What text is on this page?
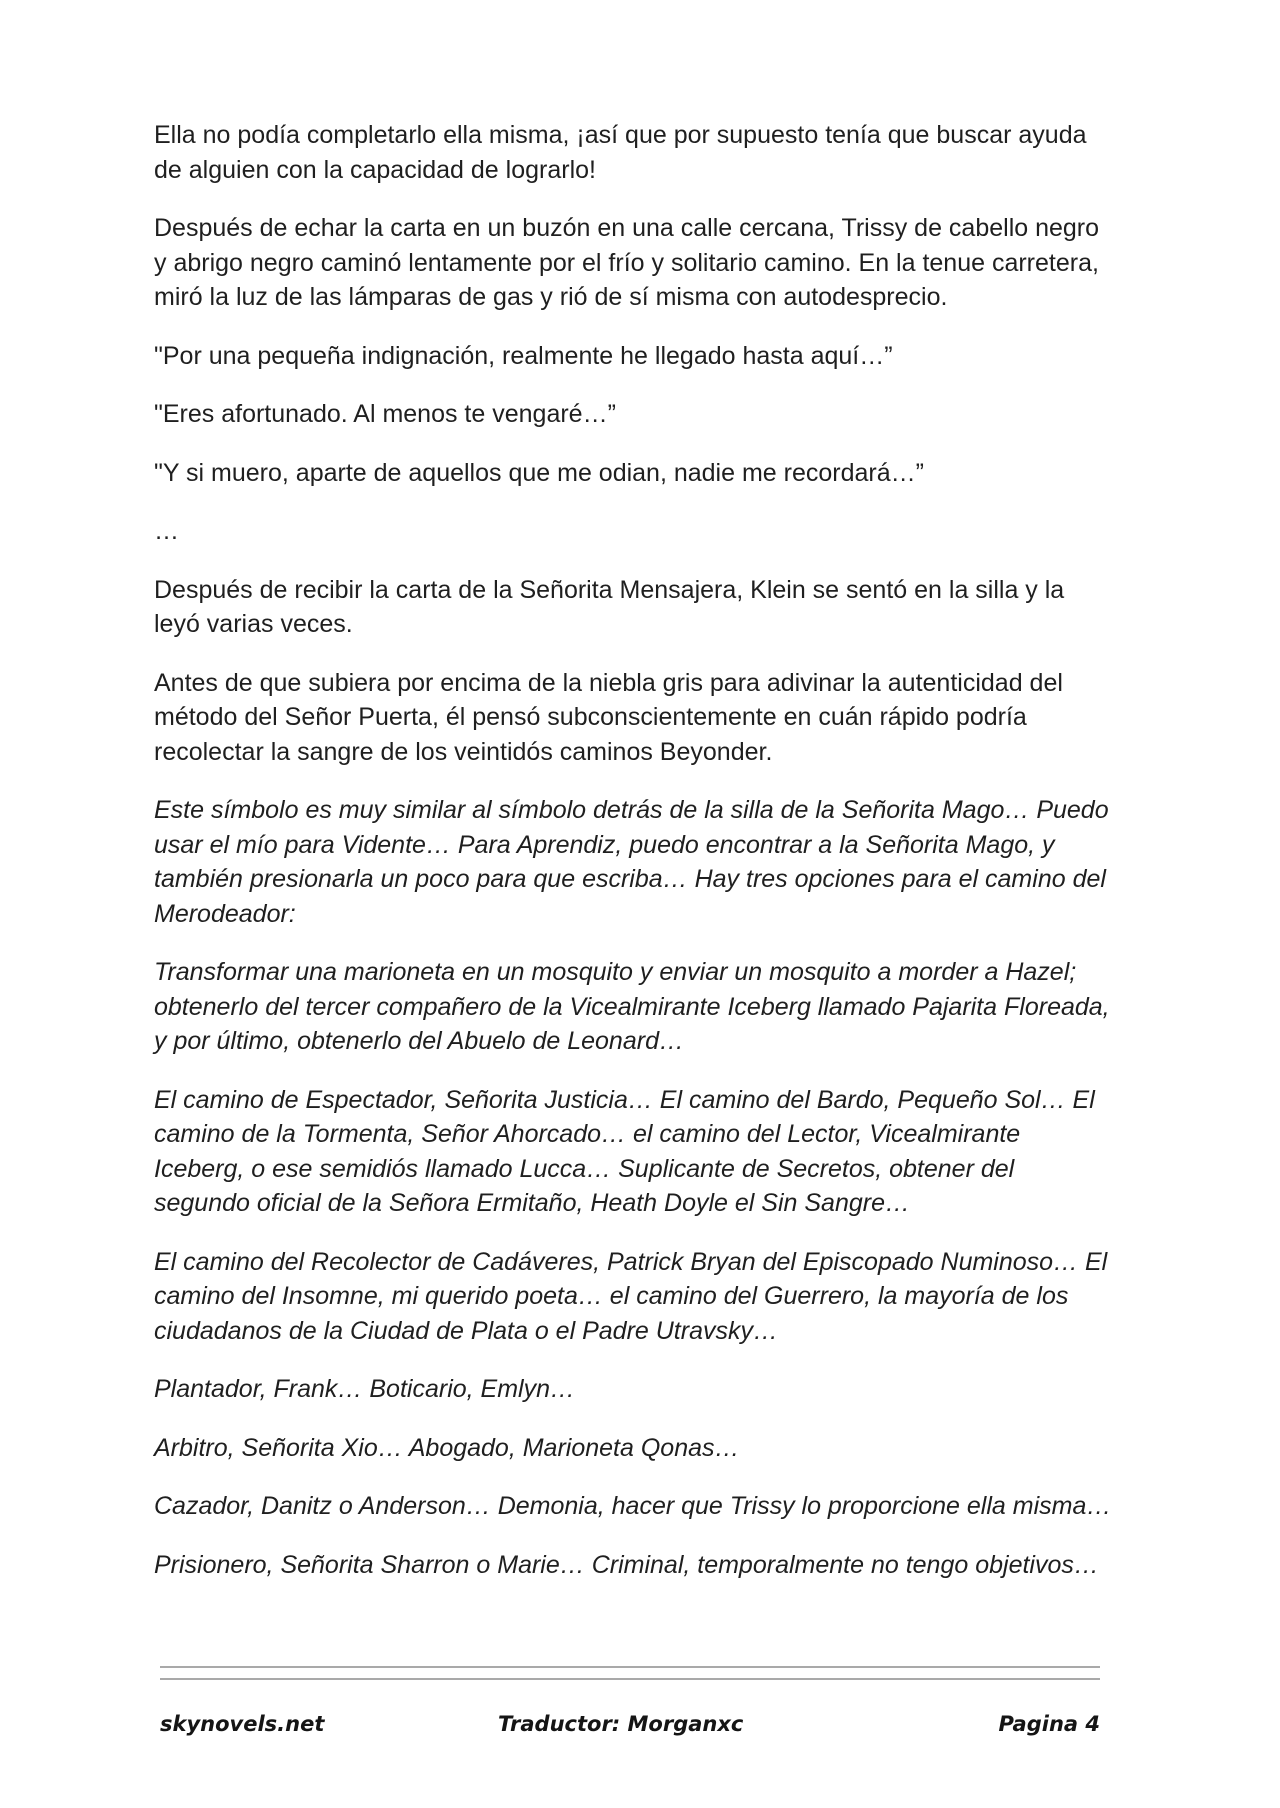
Ella no podía completarlo ella misma, ¡así que por supuesto tenía que buscar ayuda de alguien con la capacidad de lograrlo!

Después de echar la carta en un buzón en una calle cercana, Trissy de cabello negro y abrigo negro caminó lentamente por el frío y solitario camino. En la tenue carretera, miró la luz de las lámparas de gas y rió de sí misma con autodesprecio.

"Por una pequeña indignación, realmente he llegado hasta aquí…”

"Eres afortunado. Al menos te vengaré…”

"Y si muero, aparte de aquellos que me odian, nadie me recordará…”

…

Después de recibir la carta de la Señorita Mensajera, Klein se sentó en la silla y la leyó varias veces.

Antes de que subiera por encima de la niebla gris para adivinar la autenticidad del método del Señor Puerta, él pensó subconscientemente en cuán rápido podría recolectar la sangre de los veintidós caminos Beyonder.

Este símbolo es muy similar al símbolo detrás de la silla de la Señorita Mago… Puedo usar el mío para Vidente… Para Aprendiz, puedo encontrar a la Señorita Mago, y también presionarla un poco para que escriba… Hay tres opciones para el camino del Merodeador:

Transformar una marioneta en un mosquito y enviar un mosquito a morder a Hazel; obtenerlo del tercer compañero de la Vicealmirante Iceberg llamado Pajarita Floreada, y por último, obtenerlo del Abuelo de Leonard…

El camino de Espectador, Señorita Justicia… El camino del Bardo, Pequeño Sol… El camino de la Tormenta, Señor Ahorcado… el camino del Lector, Vicealmirante Iceberg, o ese semidiós llamado Lucca… Suplicante de Secretos, obtener del segundo oficial de la Señora Ermitaño, Heath Doyle el Sin Sangre…

El camino del Recolector de Cadáveres, Patrick Bryan del Episcopado Numinoso… El camino del Insomne, mi querido poeta… el camino del Guerrero, la mayoría de los ciudadanos de la Ciudad de Plata o el Padre Utravsky…

Plantador, Frank… Boticario, Emlyn…

Arbitro, Señorita Xio… Abogado, Marioneta Qonas…

Cazador, Danitz o Anderson… Demonia, hacer que Trissy lo proporcione ella misma…

Prisionero, Señorita Sharron o Marie… Criminal, temporalmente no tengo objetivos…

skynovels.net	Traductor: Morganxc	Pagina 4
